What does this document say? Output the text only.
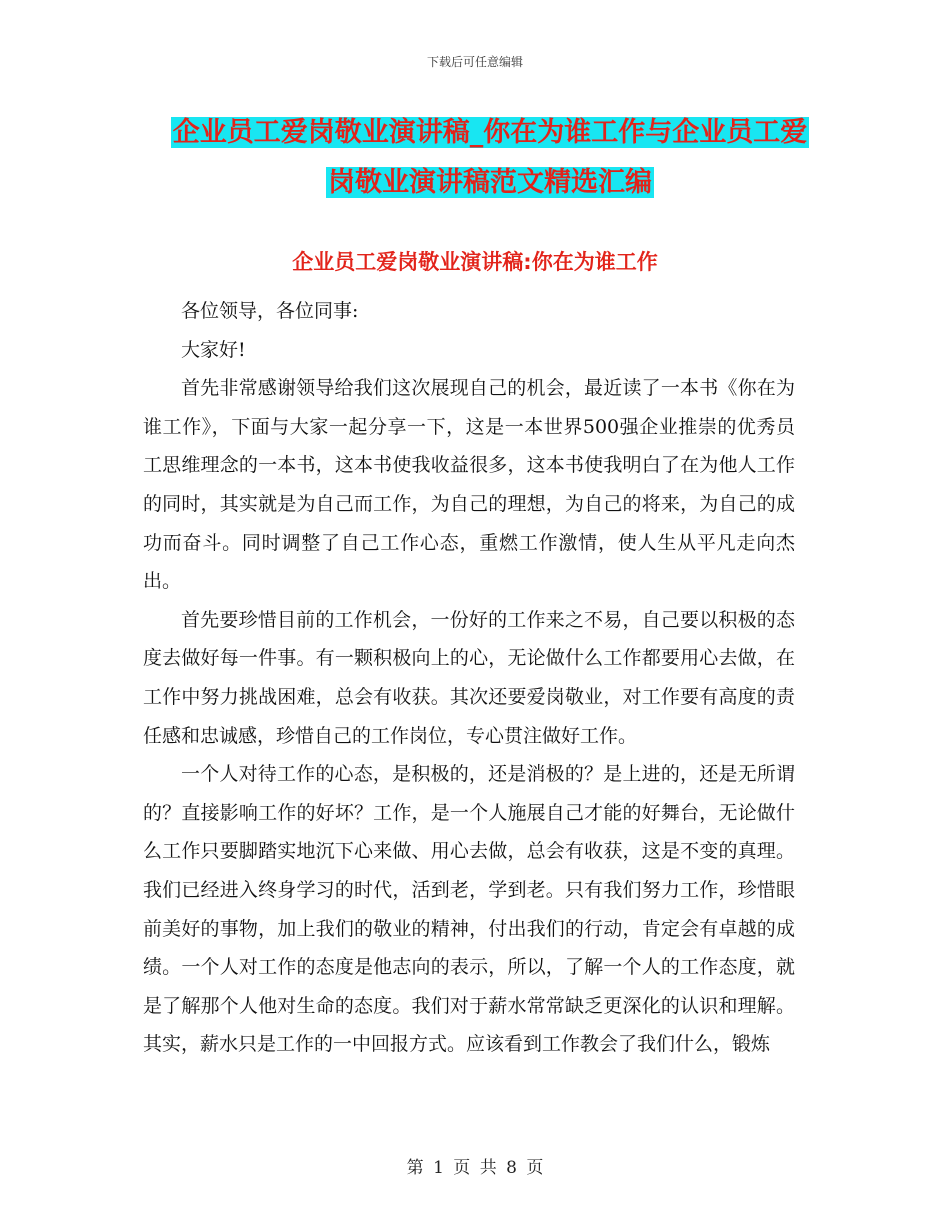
下载后可任意编辑
企业员工爱岗敬业演讲稿_你在为谁工作与企业员工爱
岗敬业演讲稿范文精选汇编
企业员工爱岗敬业演讲稿:你在为谁工作

各位领导，各位同事:

大家好!

首先非常感谢领导给我们这次展现自己的机会，最近读了一本书《你在为谁工作》，下面与大家一起分享一下，这是一本世界500强企业推崇的优秀员工思维理念的一本书，这本书使我收益很多，这本书使我明白了在为他人工作的同时，其实就是为自己而工作，为自己的理想，为自己的将来，为自己的成功而奋斗。同时调整了自己工作心态，重燃工作激情，使人生从平凡走向杰出。

首先要珍惜目前的工作机会，一份好的工作来之不易，自己要以积极的态度去做好每一件事。有一颗积极向上的心，无论做什么工作都要用心去做，在工作中努力挑战困难，总会有收获。其次还要爱岗敬业，对工作要有高度的责任感和忠诚感，珍惜自己的工作岗位，专心贯注做好工作。

一个人对待工作的心态，是积极的，还是消极的？是上进的，还是无所谓的？直接影响工作的好坏？工作，是一个人施展自己才能的好舞台，无论做什么工作只要脚踏实地沉下心来做、用心去做，总会有收获，这是不变的真理。 我们已经进入终身学习的时代，活到老，学到老。只有我们努力工作，珍惜眼前美好的事物，加上我们的敬业的精神，付出我们的行动，肯定会有卓越的成绩。一个人对工作的态度是他志向的表示，所以，了解一个人的工作态度，就是了解那个人他对生命的态度。我们对于薪水常常缺乏更深化的认识和理解。其实，薪水只是工作的一中回报方式。应该看到工作教会了我们什么，锻炼

第 1 页 共 8 页
